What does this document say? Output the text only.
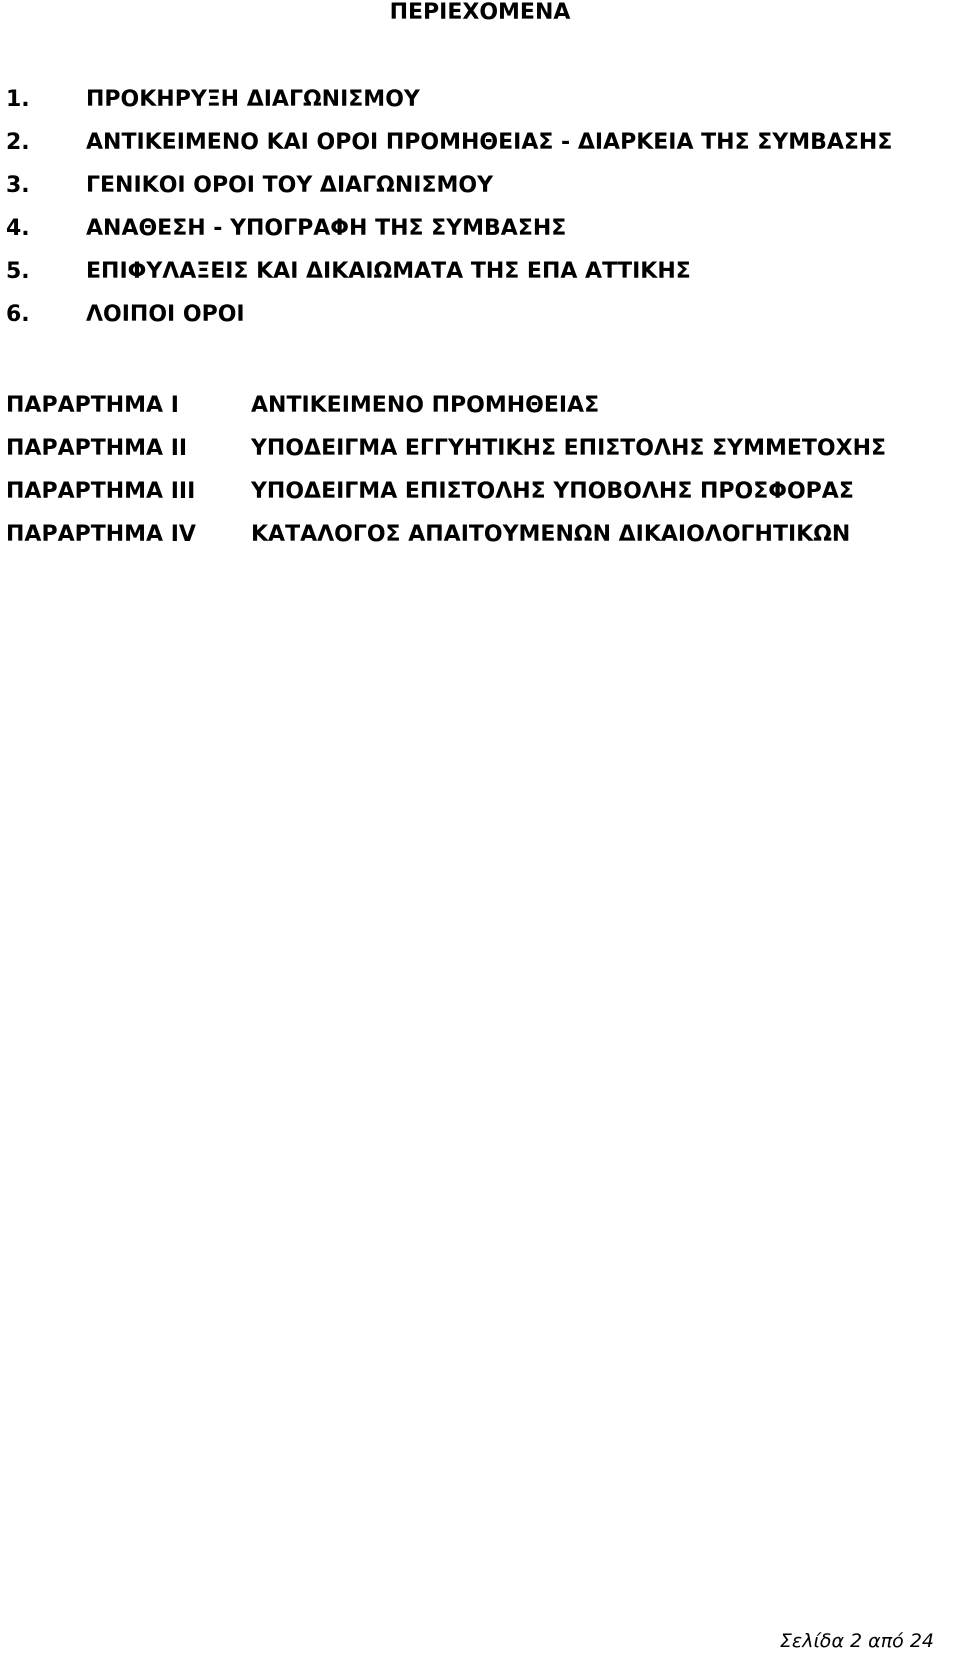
ΠΕΡΙΕΧΟΜΕΝΑ
1.	ΠΡΟΚΗΡΥΞΗ ΔΙΑΓΩΝΙΣΜΟΥ
2.	ΑΝΤΙΚΕΙΜΕΝΟ ΚΑΙ ΟΡΟΙ ΠΡΟΜΗΘΕΙΑΣ - ΔΙΑΡΚΕΙΑ ΤΗΣ ΣΥΜΒΑΣΗΣ
3.	ΓΕΝΙΚΟΙ ΟΡΟΙ ΤΟΥ ΔΙΑΓΩΝΙΣΜΟΥ
4.	ΑΝΑΘΕΣΗ - ΥΠΟΓΡΑΦΗ ΤΗΣ ΣΥΜΒΑΣΗΣ
5.	ΕΠΙΦΥΛΑΞΕΙΣ ΚΑΙ ΔΙΚΑΙΩΜΑΤΑ ΤΗΣ ΕΠΑ ΑΤΤΙΚΗΣ
6.	ΛΟΙΠΟΙ ΟΡΟΙ
ΠΑΡΑΡΤΗΜΑ I	ΑΝΤΙΚΕΙΜΕΝΟ ΠΡΟΜΗΘΕΙΑΣ
ΠΑΡΑΡΤΗΜΑ II	ΥΠΟΔΕΙΓΜΑ ΕΓΓΥΗΤΙΚΗΣ ΕΠΙΣΤΟΛΗΣ ΣΥΜΜΕΤΟΧΗΣ
ΠΑΡΑΡΤΗΜΑ III	ΥΠΟΔΕΙΓΜΑ ΕΠΙΣΤΟΛΗΣ ΥΠΟΒΟΛΗΣ ΠΡΟΣΦΟΡΑΣ
ΠΑΡΑΡΤΗΜΑ IV	ΚΑΤΑΛΟΓΟΣ ΑΠΑΙΤΟΥΜΕΝΩΝ ΔΙΚΑΙΟΛΟΓΗΤΙΚΩΝ
Σελίδα 2 από 24
